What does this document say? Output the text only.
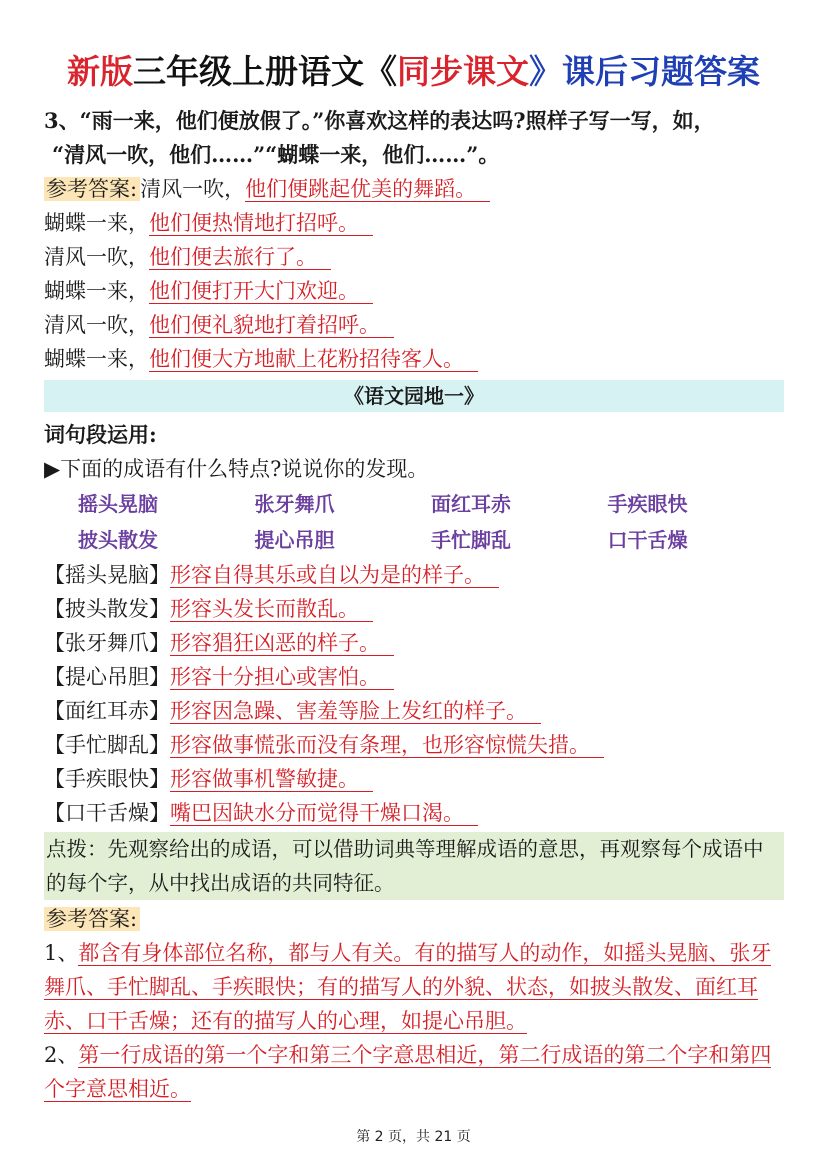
新版三年级上册语文《同步课文》课后习题答案
3、“雨一来，他们便放假了。”你喜欢这样的表达吗?照样子写一写，如，
“清风一吹，他们……”“蝴蝶一来，他们……”。
参考答案: 清风一吹，他们便跳起优美的舞蹈。
蝴蝶一来，他们便热情地打招呼。
清风一吹，他们便去旅行了。
蝴蝶一来，他们便打开大门欢迎。
清风一吹，他们便礼貌地打着招呼。
蝴蝶一来，他们便大方地献上花粉招待客人。
《语文园地一》
词句段运用:
▶下面的成语有什么特点?说说你的发现。
摇头晃脑	张牙舞爪	面红耳赤	手疾眼快
披头散发	提心吊胆	手忙脚乱	口干舌燥
【摇头晃脑】形容自得其乐或自以为是的样子。
【披头散发】形容头发长而散乱。
【张牙舞爪】形容猖狂凶恶的样子。
【提心吊胆】形容十分担心或害怕。
【面红耳赤】形容因急躁、害羞等脸上发红的样子。
【手忙脚乱】形容做事慌张而没有条理，也形容惊慌失措。
【手疾眼快】形容做事机警敏捷。
【口干舌燥】嘴巴因缺水分而觉得干燥口渴。
点拨：先观察给出的成语，可以借助词典等理解成语的意思，再观察每个成语中的每个字，从中找出成语的共同特征。
参考答案:
1、都含有身体部位名称，都与人有关。有的描写人的动作，如摇头晃脑、张牙舞爪、手忙脚乱、手疾眼快；有的描写人的外貌、状态，如披头散发、面红耳赤、口干舌燥；还有的描写人的心理，如提心吊胆。
2、第一行成语的第一个字和第三个字意思相近，第二行成语的第二个字和第四个字意思相近。
第 2 页，共 21 页
